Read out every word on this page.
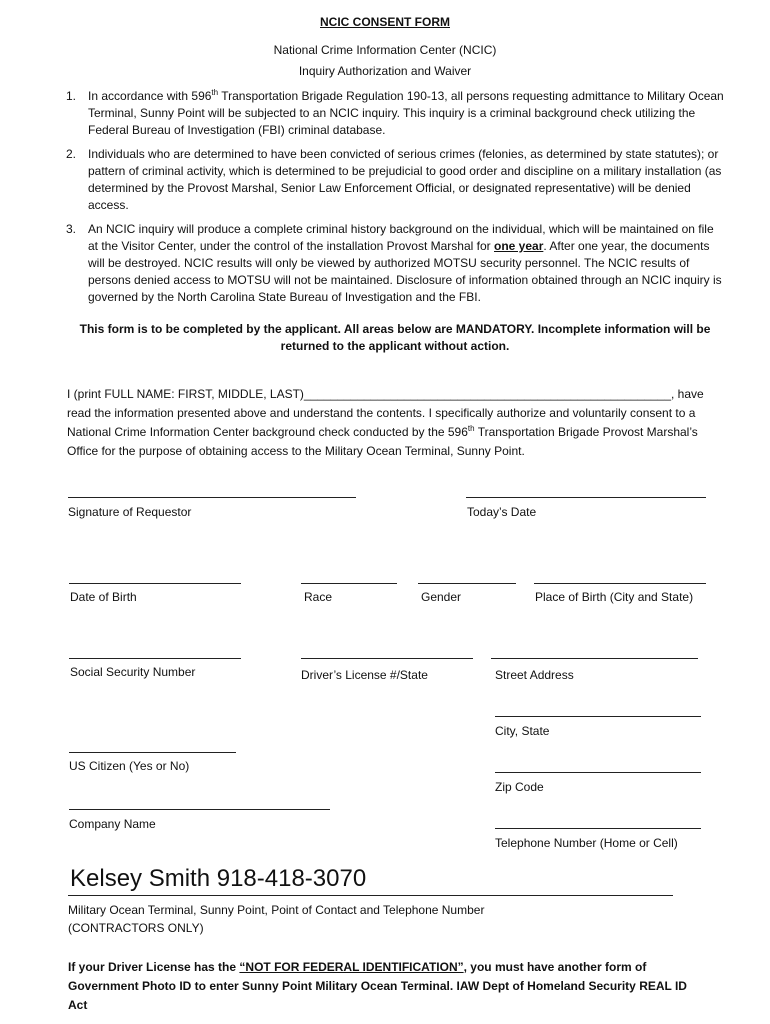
NCIC CONSENT FORM
National Crime Information Center (NCIC)
Inquiry Authorization and Waiver
1. In accordance with 596th Transportation Brigade Regulation 190-13, all persons requesting admittance to Military Ocean Terminal, Sunny Point will be subjected to an NCIC inquiry. This inquiry is a criminal background check utilizing the Federal Bureau of Investigation (FBI) criminal database.
2. Individuals who are determined to have been convicted of serious crimes (felonies, as determined by state statutes); or pattern of criminal activity, which is determined to be prejudicial to good order and discipline on a military installation (as determined by the Provost Marshal, Senior Law Enforcement Official, or designated representative) will be denied access.
3. An NCIC inquiry will produce a complete criminal history background on the individual, which will be maintained on file at the Visitor Center, under the control of the installation Provost Marshal for one year. After one year, the documents will be destroyed. NCIC results will only be viewed by authorized MOTSU security personnel. The NCIC results of persons denied access to MOTSU will not be maintained. Disclosure of information obtained through an NCIC inquiry is governed by the North Carolina State Bureau of Investigation and the FBI.
This form is to be completed by the applicant. All areas below are MANDATORY. Incomplete information will be returned to the applicant without action.
I (print FULL NAME: FIRST, MIDDLE, LAST)_______________________________________________________, have read the information presented above and understand the contents. I specifically authorize and voluntarily consent to a National Crime Information Center background check conducted by the 596th Transportation Brigade Provost Marshal’s Office for the purpose of obtaining access to the Military Ocean Terminal, Sunny Point.
Signature of Requestor	Today’s Date
Date of Birth	Race	Gender	Place of Birth (City and State)
Social Security Number	Driver’s License #/State	Street Address
City, State
US Citizen (Yes or No)
Zip Code
Company Name
Telephone Number (Home or Cell)
Kelsey Smith 918-418-3070
Military Ocean Terminal, Sunny Point, Point of Contact and Telephone Number
(CONTRACTORS ONLY)
If your Driver License has the “NOT FOR FEDERAL IDENTIFICATION”, you must have another form of Government Photo ID to enter Sunny Point Military Ocean Terminal. IAW Dept of Homeland Security REAL ID Act
